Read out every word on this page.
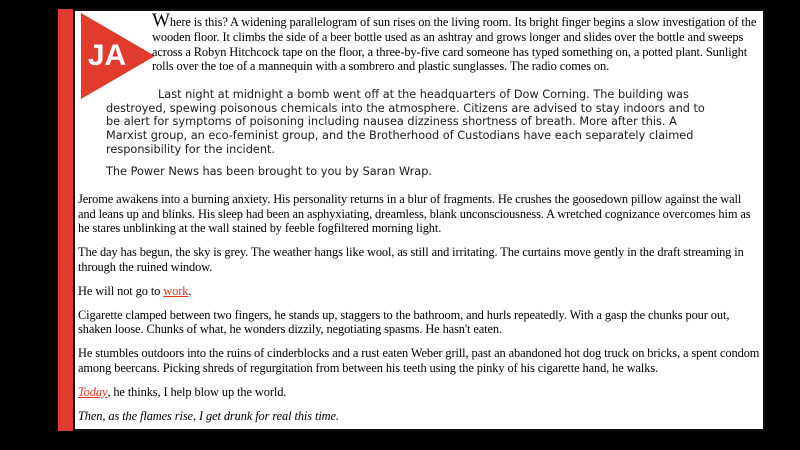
JA

Where is this? A widening parallelogram of sun rises on the living room. Its bright finger begins a slow investigation of the wooden floor. It climbs the side of a beer bottle used as an ashtray and grows longer and slides over the bottle and sweeps across a Robyn Hitchcock tape on the floor, a three-by-five card someone has typed something on, a potted plant. Sunlight rolls over the toe of a mannequin with a sombrero and plastic sunglasses. The radio comes on.

Last night at midnight a bomb went off at the headquarters of Dow Corning. The building was destroyed, spewing poisonous chemicals into the atmosphere. Citizens are advised to stay indoors and to be alert for symptoms of poisoning including nausea dizziness shortness of breath. More after this. A Marxist group, an eco-feminist group, and the Brotherhood of Custodians have each separately claimed responsibility for the incident.

The Power News has been brought to you by Saran Wrap.

Jerome awakens into a burning anxiety. His personality returns in a blur of fragments. He crushes the goosedown pillow against the wall and leans up and blinks. His sleep had been an asphyxiating, dreamless, blank unconsciousness. A wretched cognizance overcomes him as he stares unblinking at the wall stained by feeble fogfiltered morning light.

The day has begun, the sky is grey. The weather hangs like wool, as still and irritating. The curtains move gently in the draft streaming in through the ruined window.

He will not go to work.

Cigarette clamped between two fingers, he stands up, staggers to the bathroom, and hurls repeatedly. With a gasp the chunks pour out, shaken loose. Chunks of what, he wonders dizzily, negotiating spasms. He hasn't eaten.

He stumbles outdoors into the ruins of cinderblocks and a rust eaten Weber grill, past an abandoned hot dog truck on bricks, a spent condom among beercans. Picking shreds of regurgitation from between his teeth using the pinky of his cigarette hand, he walks.

Today, he thinks, I help blow up the world.

Then, as the flames rise, I get drunk for real this time.
